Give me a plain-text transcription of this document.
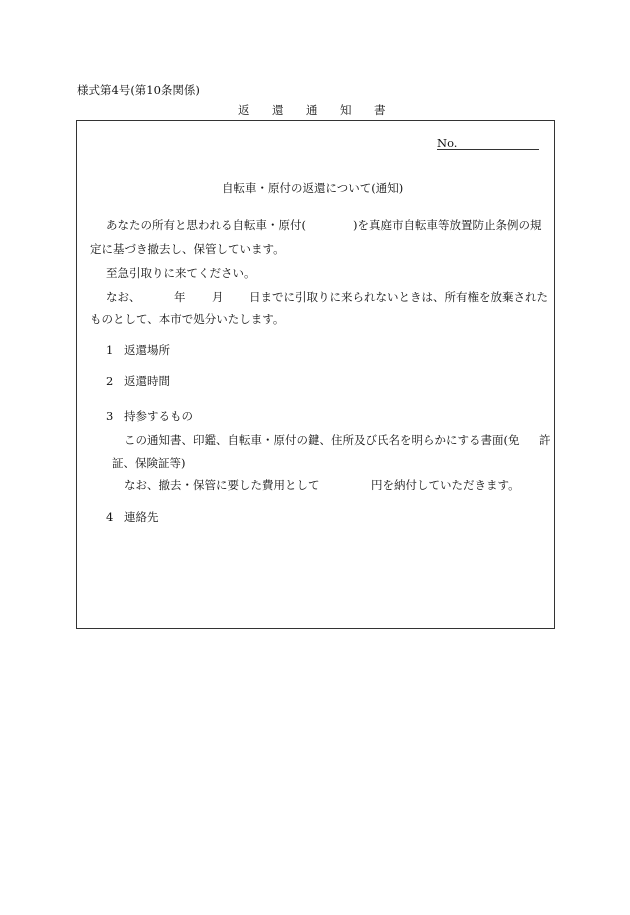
様式第4号(第10条関係)
返還通知書
No.
自転車・原付の返還について(通知)
あなたの所有と思われる自転車・原付(	)を真庭市自転車等放置防止条例の規
定に基づき撤去し、保管しています。
至急引取りに来てください。
なお、	年 月 日までに引取りに来られないときは、所有権を放棄された
ものとして、本市で処分いたします。
1 返還場所
2 返還時間
3 持参するもの
この通知書、印鑑、自転車・原付の鍵、住所及び氏名を明らかにする書面(免 許
証、保険証等)
なお、撤去・保管に要した費用として	円を納付していただきます。
4 連絡先
